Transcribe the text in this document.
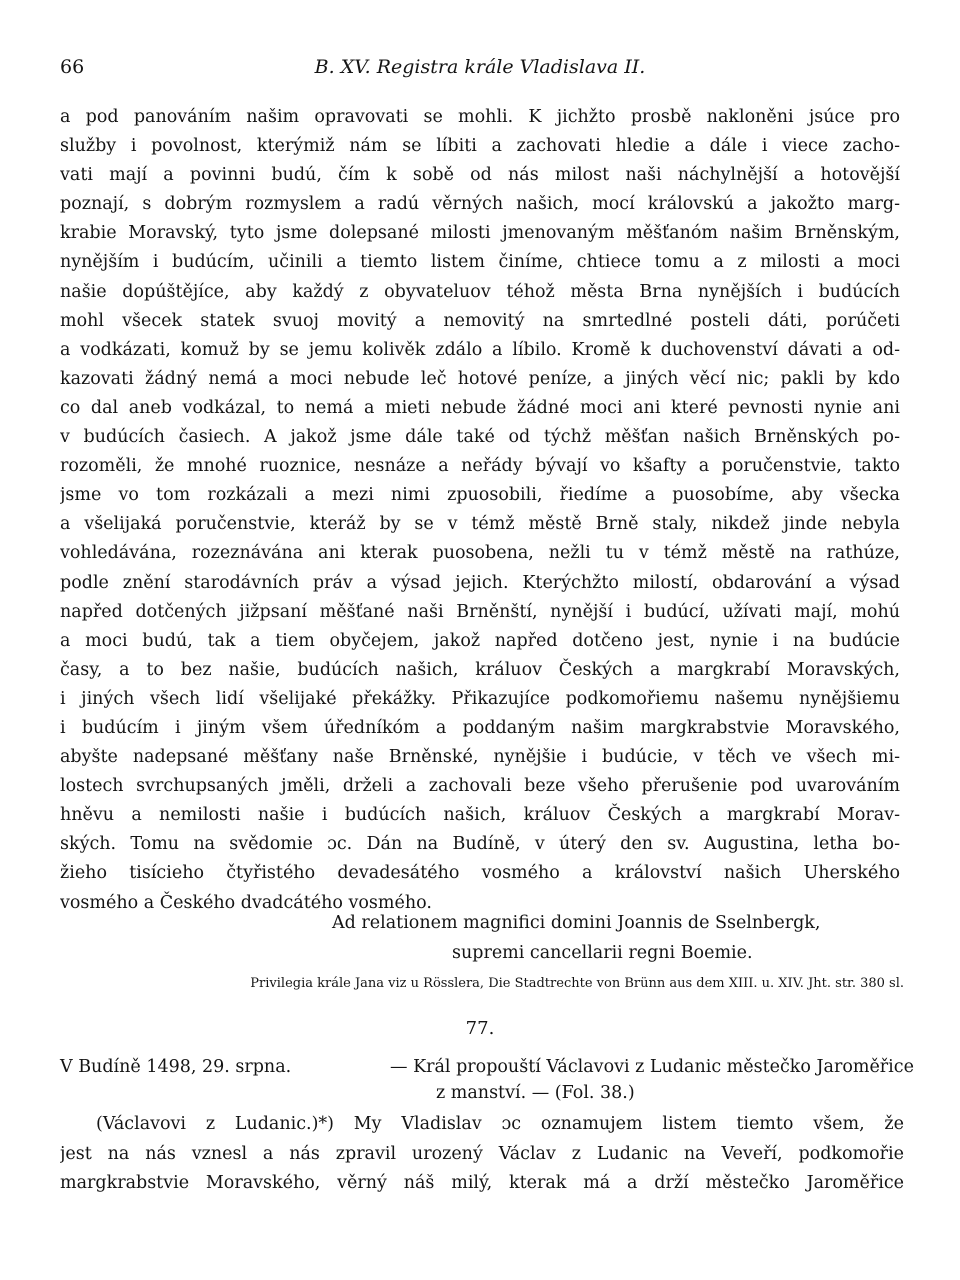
66	B. XV. Registra krále Vladislava II.
a pod panováním našim opravovati se mohli. K jichžto prosbě nakloněni jsúce pro
služby i povolnost, kterýmiž nám se líbiti a zachovati hledie a dále i viece zacho-
vati mají a povinni budú, čím k sobě od nás milost naši náchylnější a hotovější
poznají, s dobrým rozmyslem a radú věrných našich, mocí královskú a jakožto marg-
krabie Moravský, tyto jsme dolepsané milosti jmenovaným měšťanóm našim Brněnským,
nynějším i budúcím, učinili a tiemto listem činíme, chtiece tomu a z milosti a moci
našie dopúštějíce, aby každý z obyvateluov téhož města Brna nynějších i budúcích
mohl všecek statek svuoj movitý a nemovitý na smrtedlné posteli dáti, porúčeti
a vodkázati, komuž by se jemu kolivěk zdálo a líbilo. Kromě k duchovenství dávati a od-
kazovati žádný nemá a moci nebude leč hotové peníze, a jiných věcí nic; pakli by kdo
co dal aneb vodkázal, to nemá a mieti nebude žádné moci ani které pevnosti nynie ani
v budúcích časiech. A jakož jsme dále také od týchž měšťan našich Brněnských po-
rozoměli, že mnohé ruoznice, nesnáze a neřády bývají vo kšafty a poručenstvie, takto
jsme vo tom rozkázali a mezi nimi zpuosobili, řiedíme a puosobíme, aby všecka
a všelijaká poručenstvie, kteráž by se v témž městě Brně staly, nikdež jinde nebyla
vohledávána, rozeznávána ani kterak puosobena, nežli tu v témž městě na rathúze,
podle znění starodávních práv a výsad jejich. Kterýchžto milostí, obdarování a výsad
napřed dotčených jižpsaní měšťané naši Brněnští, nynější i budúcí, užívati mají, mohú
a moci budú, tak a tiem obyčejem, jakož napřed dotčeno jest, nynie i na budúcie
časy, a to bez našie, budúcích našich, králuov Českých a margkrabí Moravských,
i jiných všech lidí všelijaké překážky. Přikazujíce podkomořiemu našemu nynějšiemu
i budúcím i jiným všem úředníkóm a poddaným našim margkrabstvie Moravského,
abyšte nadepsané měšťany naše Brněnské, nynějšie i budúcie, v těch ve všech mi-
lostech svrchupsaných jměli, drželi a zachovali beze všeho přerušenie pod uvarováním
hněvu a nemilosti našie i budúcích našich, králuov Českých a margkrabí Morav-
ských. Tomu na svědomie ɔc. Dán na Budíně, v úterý den sv. Augustina, letha bo-
žieho tisícieho čtyřistého devadesátého vosmého a království našich Uherského
vosmého a Českého dvadcátého vosmého.
Ad relationem magnifici domini Joannis de Sselnbergk,
supremi cancellarii regni Boemie.
Privilegia krále Jana viz u Rösslera, Die Stadtrechte von Brünn aus dem XIII. u. XIV. Jht. str. 380 sl.
77.
V Budíně 1498, 29. srpna.	— Král propouští Václavovi z Ludanic městečko Jaroměřice
z manství. — (Fol. 38.)
(Václavovi z Ludanic.)*) My Vladislav ɔc oznamujem listem tiemto všem, že
jest na nás vznesl a nás zpravil urozený Václav z Ludanic na Veveří, podkomořie
margkrabstvie Moravského, věrný náš milý, kterak má a drží městečko Jaroměřice
